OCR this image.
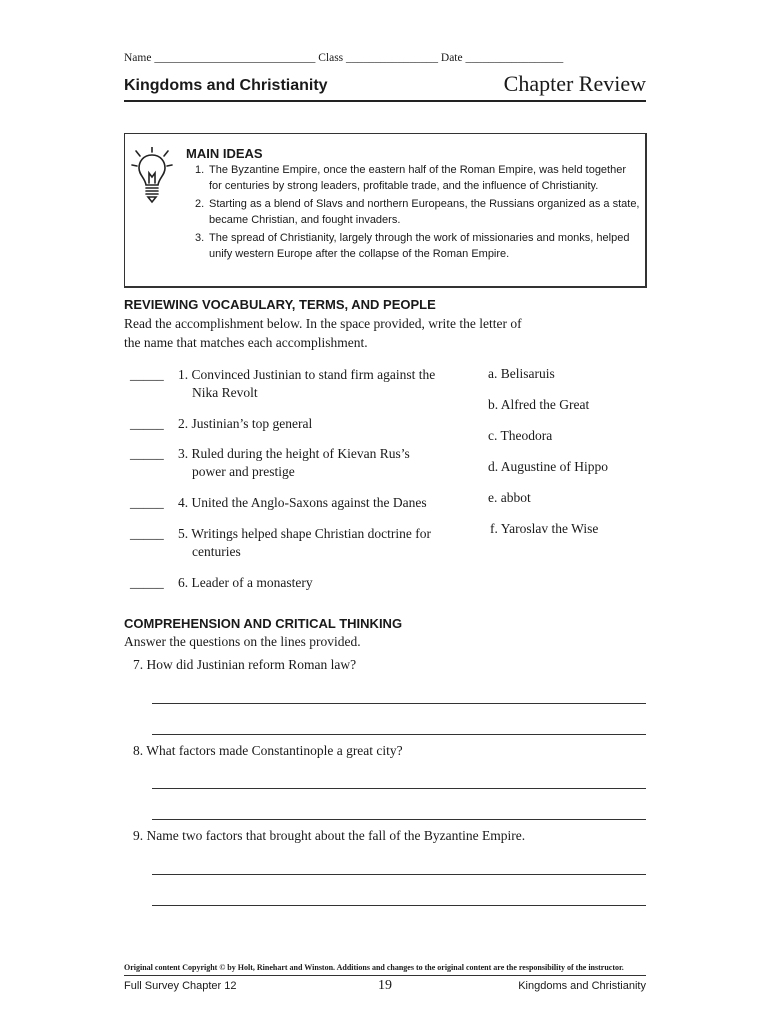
Name ____________________________ Class ________________ Date _________________
Kingdoms and Christianity	Chapter Review
MAIN IDEAS
1. The Byzantine Empire, once the eastern half of the Roman Empire, was held together for centuries by strong leaders, profitable trade, and the influence of Christianity.
2. Starting as a blend of Slavs and northern Europeans, the Russians organized as a state, became Christian, and fought invaders.
3. The spread of Christianity, largely through the work of missionaries and monks, helped unify western Europe after the collapse of the Roman Empire.
REVIEWING VOCABULARY, TERMS, AND PEOPLE
Read the accomplishment below. In the space provided, write the letter of
the name that matches each accomplishment.
_____ 1. Convinced Justinian to stand firm against the
Nika Revolt
_____ 2. Justinian’s top general
_____ 3. Ruled during the height of Kievan Rus’s
power and prestige
_____ 4. United the Anglo-Saxons against the Danes
_____ 5. Writings helped shape Christian doctrine for
centuries
_____ 6. Leader of a monastery
a. Belisaruis
b. Alfred the Great
c. Theodora
d. Augustine of Hippo
e. abbot
f. Yaroslav the Wise
COMPREHENSION AND CRITICAL THINKING
Answer the questions on the lines provided.
7. How did Justinian reform Roman law?
8. What factors made Constantinople a great city?
9. Name two factors that brought about the fall of the Byzantine Empire.
Original content Copyright © by Holt, Rinehart and Winston. Additions and changes to the original content are the responsibility of the instructor.
Full Survey Chapter 12	19	Kingdoms and Christianity
